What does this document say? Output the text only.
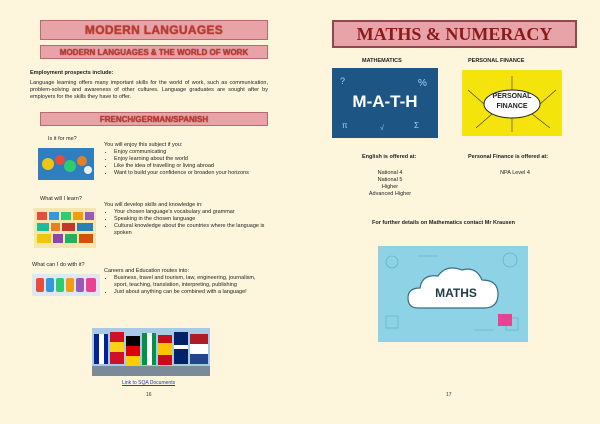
MODERN LANGUAGES
MODERN LANGUAGES & THE WORLD OF WORK
Employment prospects include:
Language learning offers many important skills for the world of work, such as communication, problem-solving and awareness of other cultures. Language graduates are sought after by employers for the skills they have to offer.
FRENCH/GERMAN/SPANISH
Is it for me?
You will enjoy this subject if you:
• Enjoy communicating
• Enjoy learning about the world
• Like the idea of travelling or living abroad
• Want to build your confidence or broaden your horizons
What will I learn?
You will develop skills and knowledge in:
• Your chosen language's vocabulary and grammar
• Speaking in the chosen language
• Cultural knowledge about the countries where the language is spoken
What can I do with it?
Careers and Education routes into:
• Business, travel and tourism, law, engineering, journalism, sport, teaching, translation, interpreting, publishing
• Just about anything can be combined with a language!
Link to SQA Documents
16
MATHS & NUMERACY
MATHEMATICS	PERSONAL FINANCE
?	%
π	Σ
√
M-A-T-H	PERSONAL
FINANCE
English is offered at:
National 4
National 5
Higher
Advanced Higher
Personal Finance is offered at:
NPA Level 4
For further details on Mathematics contact Mr Krausen
MATHS
17
